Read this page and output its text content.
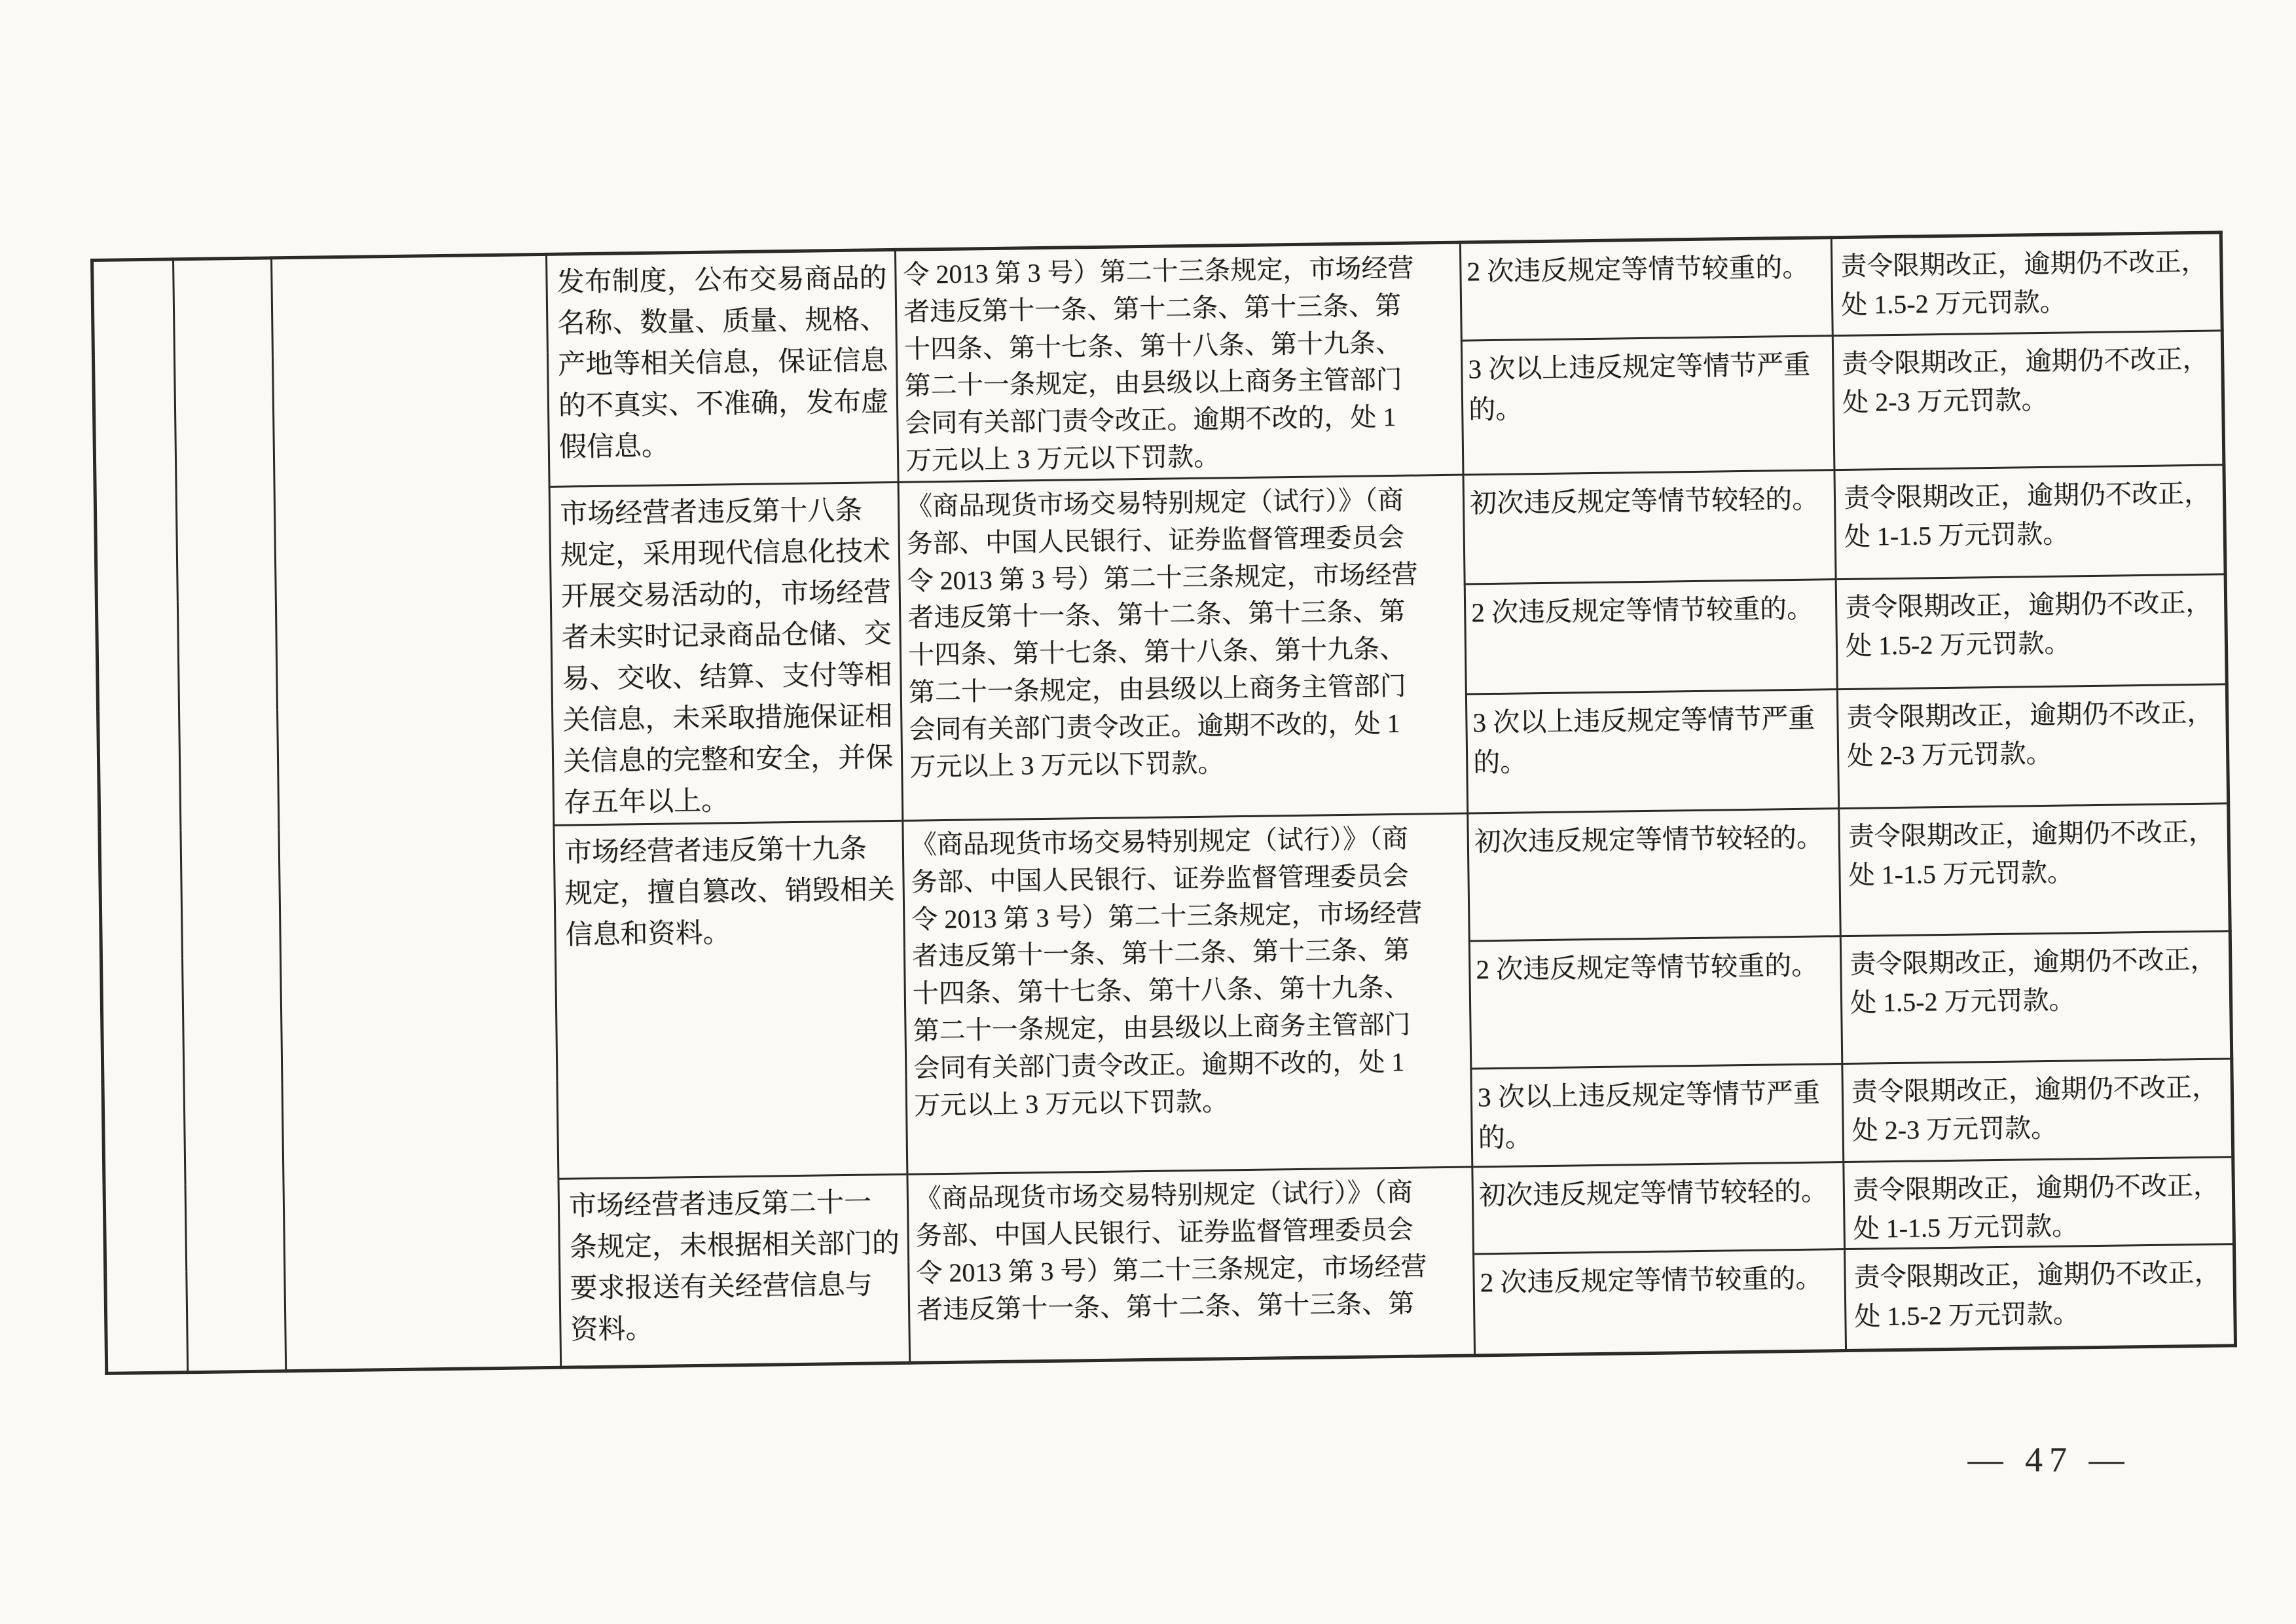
			发布制度，公布交易商品的
名称、数量、质量、规格、
产地等相关信息，保证信息
的不真实、不准确，发布虚
假信息。	令 2013 第 3 号）第二十三条规定，市场经营
者违反第十一条、第十二条、第十三条、第
十四条、第十七条、第十八条、第十九条、
第二十一条规定，由县级以上商务主管部门
会同有关部门责令改正。逾期不改的，处 1
万元以上 3 万元以下罚款。	2 次违反规定等情节较重的。	责令限期改正，逾期仍不改正，
处 1.5-2 万元罚款。
					3 次以上违反规定等情节严重
的。	责令限期改正，逾期仍不改正，
处 2-3 万元罚款。
市场经营者违反第十八条
规定，采用现代信息化技术
开展交易活动的，市场经营
者未实时记录商品仓储、交
易、交收、结算、支付等相
关信息，未采取措施保证相
关信息的完整和安全，并保
存五年以上。	《商品现货市场交易特别规定（试行）》（商
务部、中国人民银行、证券监督管理委员会
令 2013 第 3 号）第二十三条规定，市场经营
者违反第十一条、第十二条、第十三条、第
十四条、第十七条、第十八条、第十九条、
第二十一条规定，由县级以上商务主管部门
会同有关部门责令改正。逾期不改的，处 1
万元以上 3 万元以下罚款。	初次违反规定等情节较轻的。	责令限期改正，逾期仍不改正，
处 1-1.5 万元罚款。
					2 次违反规定等情节较重的。	责令限期改正，逾期仍不改正，
处 1.5-2 万元罚款。
					3 次以上违反规定等情节严重
的。	责令限期改正，逾期仍不改正，
处 2-3 万元罚款。
市场经营者违反第十九条
规定，擅自篡改、销毁相关
信息和资料。	《商品现货市场交易特别规定（试行）》（商
务部、中国人民银行、证券监督管理委员会
令 2013 第 3 号）第二十三条规定，市场经营
者违反第十一条、第十二条、第十三条、第
十四条、第十七条、第十八条、第十九条、
第二十一条规定，由县级以上商务主管部门
会同有关部门责令改正。逾期不改的，处 1
万元以上 3 万元以下罚款。	初次违反规定等情节较轻的。	责令限期改正，逾期仍不改正，
处 1-1.5 万元罚款。
					2 次违反规定等情节较重的。	责令限期改正，逾期仍不改正，
处 1.5-2 万元罚款。
					3 次以上违反规定等情节严重
的。	责令限期改正，逾期仍不改正，
处 2-3 万元罚款。
			市场经营者违反第二十一
条规定，未根据相关部门的
要求报送有关经营信息与
资料。	《商品现货市场交易特别规定（试行）》（商
务部、中国人民银行、证券监督管理委员会
令 2013 第 3 号）第二十三条规定，市场经营
者违反第十一条、第十二条、第十三条、第	初次违反规定等情节较轻的。	责令限期改正，逾期仍不改正，
处 1-1.5 万元罚款。
					2 次违反规定等情节较重的。	责令限期改正，逾期仍不改正，
处 1.5-2 万元罚款。
— 47 —
